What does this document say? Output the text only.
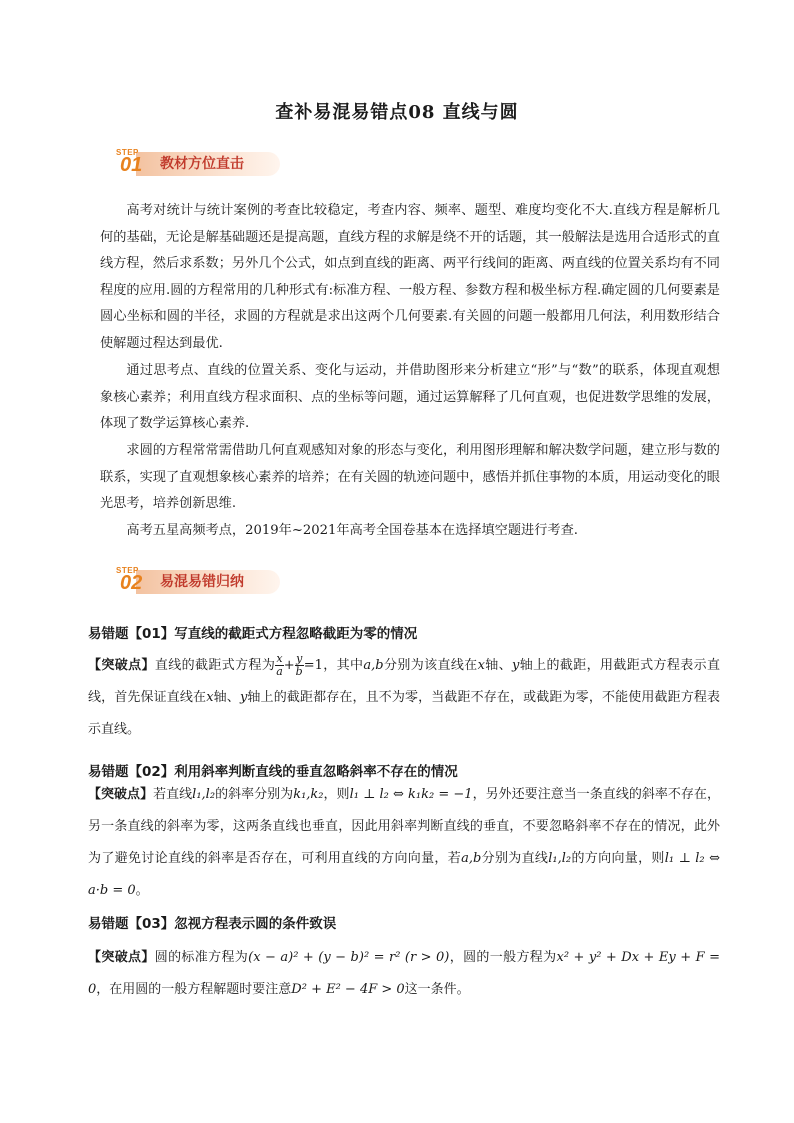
查补易混易错点08 直线与圆
STEP
01 教材方位直击
高考对统计与统计案例的考查比较稳定，考查内容、频率、题型、难度均变化不大.直线方程是解析几何的基础，无论是解基础题还是提高题，直线方程的求解是绕不开的话题，其一般解法是选用合适形式的直线方程，然后求系数；另外几个公式，如点到直线的距离、两平行线间的距离、两直线的位置关系均有不同程度的应用.圆的方程常用的几种形式有:标准方程、一般方程、参数方程和极坐标方程.确定圆的几何要素是圆心坐标和圆的半径，求圆的方程就是求出这两个几何要素.有关圆的问题一般都用几何法，利用数形结合使解题过程达到最优.
通过思考点、直线的位置关系、变化与运动，并借助图形来分析建立“形”与“数”的联系，体现直观想象核心素养；利用直线方程求面积、点的坐标等问题，通过运算解释了几何直观，也促进数学思维的发展，体现了数学运算核心素养.
求圆的方程常常需借助几何直观感知对象的形态与变化，利用图形理解和解决数学问题，建立形与数的联系，实现了直观想象核心素养的培养；在有关圆的轨迹问题中，感悟并抓住事物的本质，用运动变化的眼光思考，培养创新思维.
高考五星高频考点，2019年~2021年高考全国卷基本在选择填空题进行考查.
STEP
02 易混易错归纳
易错题【01】写直线的截距式方程忽略截距为零的情况
【突破点】直线的截距式方程为 $\frac{x}{a} + \frac{y}{b} =1$，其中a,b分别为该直线在x轴、y轴上的截距，用截距式方程表示直线，首先保证直线在x轴、y轴上的截距都存在，且不为零，当截距不存在，或截距为零，不能使用截距方程表示直线。
易错题【02】利用斜率判断直线的垂直忽略斜率不存在的情况
【突破点】若直线l₁,l₂的斜率分别为k₁,k₂，则l₁ ⊥ l₂ ⇔ k₁k₂ = −1，另外还要注意当一条直线的斜率不存在，另一条直线的斜率为零，这两条直线也垂直，因此用斜率判断直线的垂直，不要忽略斜率不存在的情况，此外为了避免讨论直线的斜率是否存在，可利用直线的方向向量，若a,b分别为直线l₁,l₂的方向向量，则l₁ ⊥ l₂ ⇔ a·b = 0。
易错题【03】忽视方程表示圆的条件致误
【突破点】圆的标准方程为(x − a)² + (y − b)² = r² (r > 0)，圆的一般方程为x² + y² + Dx + Ey + F = 0，在用圆的一般方程解题时要注意D² + E² − 4F > 0这一条件。
